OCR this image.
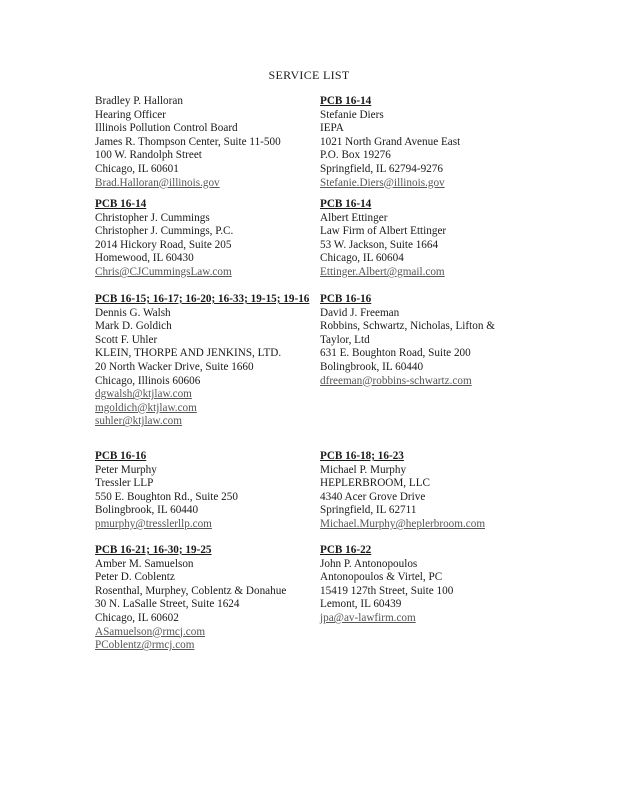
SERVICE LIST
Bradley P. Halloran
Hearing Officer
Illinois Pollution Control Board
James R. Thompson Center, Suite 11-500
100 W. Randolph Street
Chicago, IL 60601
Brad.Halloran@illinois.gov
PCB 16-14
Stefanie Diers
IEPA
1021 North Grand Avenue East
P.O. Box 19276
Springfield, IL 62794-9276
Stefanie.Diers@illinois.gov
PCB 16-14
Christopher J. Cummings
Christopher J. Cummings, P.C.
2014 Hickory Road, Suite 205
Homewood, IL 60430
Chris@CJCummingsLaw.com
PCB 16-14
Albert Ettinger
Law Firm of Albert Ettinger
53 W. Jackson, Suite 1664
Chicago, IL 60604
Ettinger.Albert@gmail.com
PCB 16-15; 16-17; 16-20; 16-33; 19-15; 19-16
Dennis G. Walsh
Mark D. Goldich
Scott F. Uhler
KLEIN, THORPE AND JENKINS, LTD.
20 North Wacker Drive, Suite 1660
Chicago, Illinois 60606
dgwalsh@ktjlaw.com
mgoldich@ktjlaw.com
suhler@ktjlaw.com
PCB 16-16
David J. Freeman
Robbins, Schwartz, Nicholas, Lifton & Taylor, Ltd
631 E. Boughton Road, Suite 200
Bolingbrook, IL 60440
dfreeman@robbins-schwartz.com
PCB 16-16
Peter Murphy
Tressler LLP
550 E. Boughton Rd., Suite 250
Bolingbrook, IL 60440
pmurphy@tresslerllp.com
PCB 16-18; 16-23
Michael P. Murphy
HEPLERBROOM, LLC
4340 Acer Grove Drive
Springfield, IL 62711
Michael.Murphy@heplerbroom.com
PCB 16-21; 16-30; 19-25
Amber M. Samuelson
Peter D. Coblentz
Rosenthal, Murphey, Coblentz & Donahue
30 N. LaSalle Street, Suite 1624
Chicago, IL 60602
ASamuelson@rmcj.com
PCoblentz@rmcj.com
PCB 16-22
John P. Antonopoulos
Antonopoulos & Virtel, PC
15419 127th Street, Suite 100
Lemont, IL 60439
jpa@av-lawfirm.com
